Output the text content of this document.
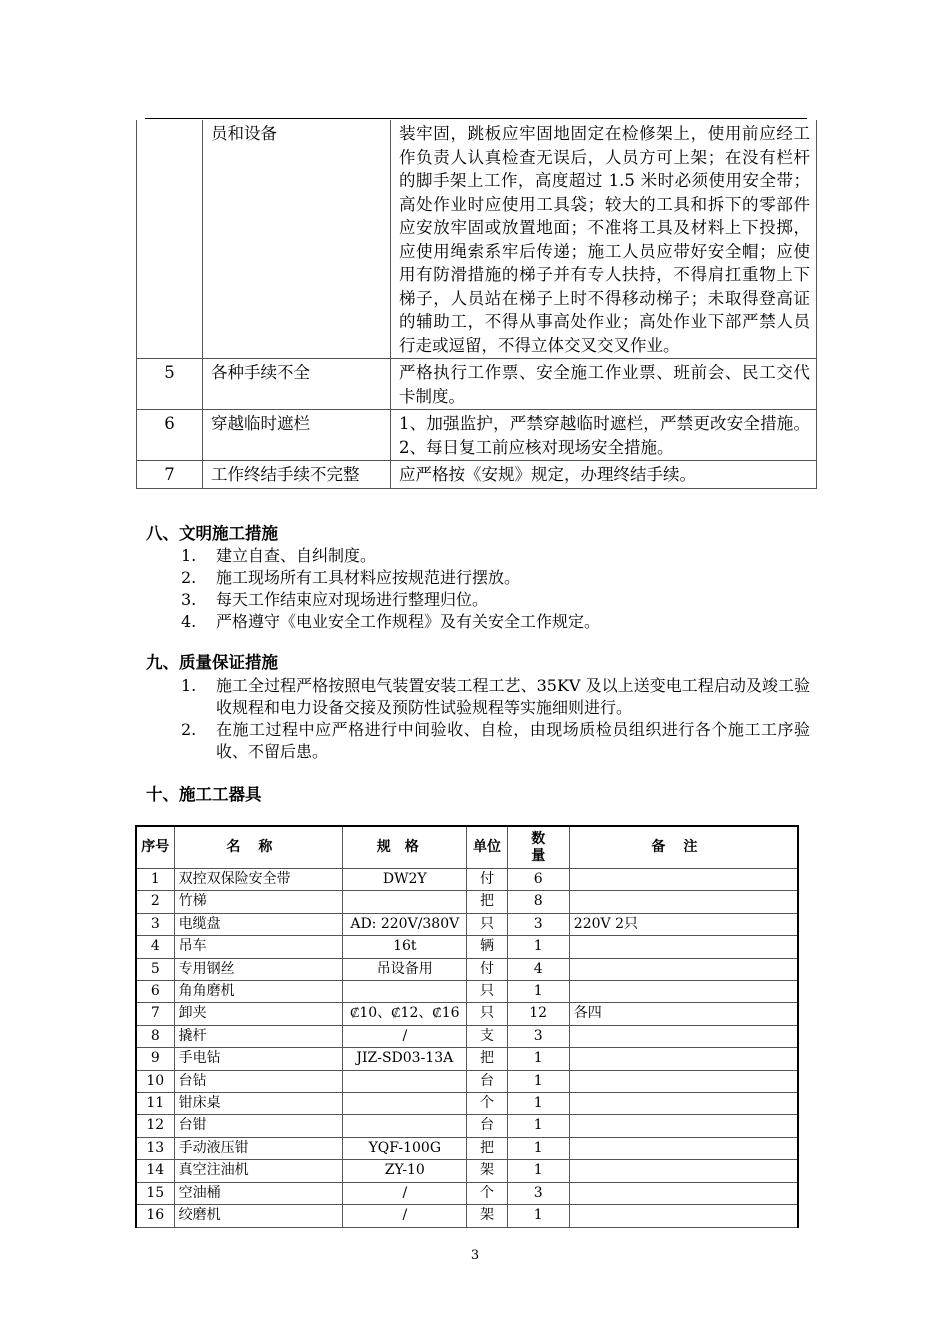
	员和设备	装牢固，跳板应牢固地固定在检修架上，使用前应经工作负责人认真检查无误后，人员方可上架；在没有栏杆的脚手架上工作，高度超过 1.5 米时必须使用安全带；高处作业时应使用工具袋；较大的工具和拆下的零部件应安放牢固或放置地面；不准将工具及材料上下投掷，应使用绳索系牢后传递；施工人员应带好安全帽；应使用有防滑措施的梯子并有专人扶持，不得肩扛重物上下梯子，人员站在梯子上时不得移动梯子；未取得登高证的辅助工，不得从事高处作业；高处作业下部严禁人员行走或逗留，不得立体交叉交叉作业。
5	各种手续不全	严格执行工作票、安全施工作业票、班前会、民工交代卡制度。
6	穿越临时遮栏	1、加强监护，严禁穿越临时遮栏，严禁更改安全措施。2、每日复工前应核对现场安全措施。
7	工作终结手续不完整	应严格按《安规》规定，办理终结手续。
八、文明施工措施
1. 建立自查、自纠制度。
2. 施工现场所有工具材料应按规范进行摆放。
3. 每天工作结束应对现场进行整理归位。
4. 严格遵守《电业安全工作规程》及有关安全工作规定。
九、质量保证措施
1. 施工全过程严格按照电气装置安装工程工艺、35KV 及以上送变电工程启动及竣工验收规程和电力设备交接及预防性试验规程等实施细则进行。
2. 在施工过程中应严格进行中间验收、自检，由现场质检员组织进行各个施工工序验收、不留后患。
十、施工工器具
序号	名称	规格	单位	数量	备注
1	双控双保险安全带	DW2Y	付	6	
2	竹梯		把	8	
3	电缆盘	AD: 220V/380V	只	3	220V 2只
4	吊车	16t	辆	1	
5	专用钢丝	吊设备用	付	4	
6	角角磨机		只	1	
7	卸夹	₡10、₡12、₡16	只	12	各四
8	撬杆	/	支	3	
9	手电钻	JIZ-SD03-13A	把	1	
10	台钻		台	1	
11	钳床桌		个	1	
12	台钳		台	1	
13	手动液压钳	YQF-100G	把	1	
14	真空注油机	ZY-10	架	1	
15	空油桶	/	个	3	
16	绞磨机	/	架	1	
3
